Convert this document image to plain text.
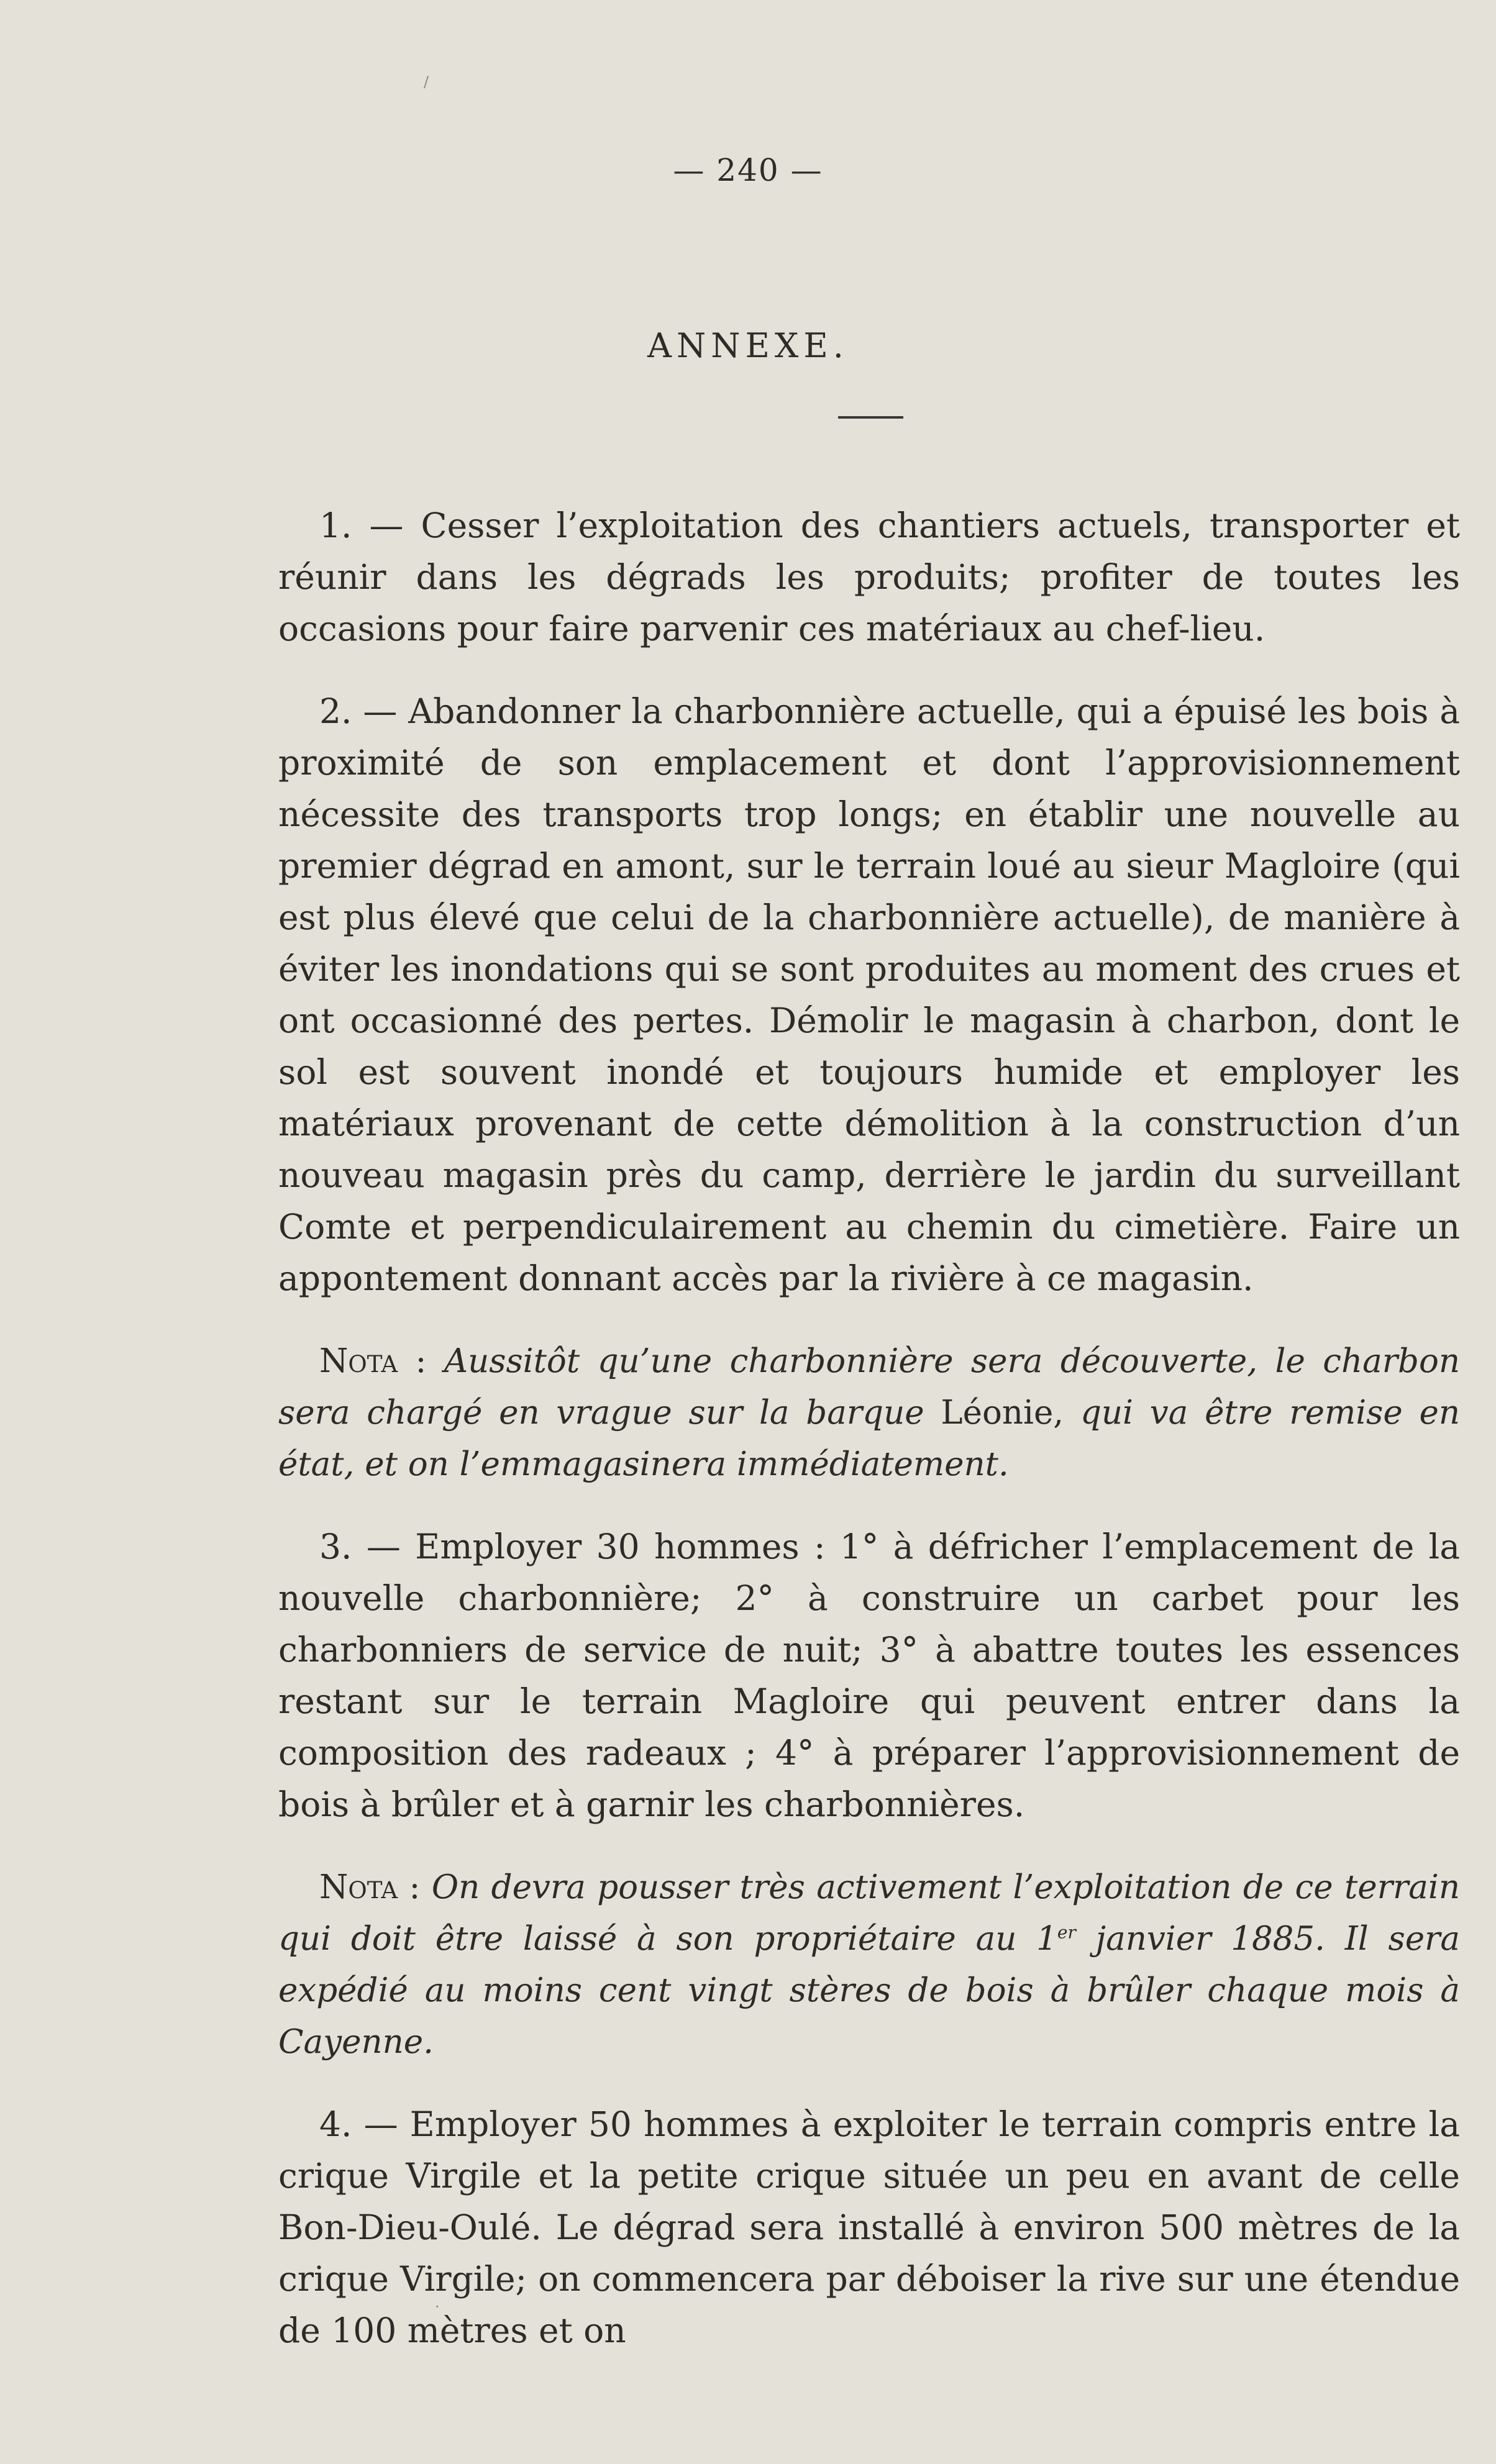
— 240 —
ANNEXE.

1. — Cesser l’exploitation des chantiers actuels, transporter et réunir dans les dégrads les produits; profiter de toutes les occasions pour faire parvenir ces matériaux au chef-lieu.

2. — Abandonner la charbonnière actuelle, qui a épuisé les bois à proximité de son emplacement et dont l’approvisionnement nécessite des transports trop longs; en établir une nouvelle au premier dégrad en amont, sur le terrain loué au sieur Magloire (qui est plus élevé que celui de la charbonnière actuelle), de manière à éviter les inondations qui se sont produites au moment des crues et ont occasionné des pertes. Démolir le magasin à charbon, dont le sol est souvent inondé et toujours humide et employer les matériaux provenant de cette démolition à la construction d’un nouveau magasin près du camp, derrière le jardin du surveillant Comte et perpendiculairement au chemin du cimetière. Faire un appontement donnant accès par la rivière à ce magasin.

Nota : Aussitôt qu’une charbonnière sera découverte, le charbon sera chargé en vrague sur la barque Léonie, qui va être remise en état, et on l’emmagasinera immédiatement.

3. — Employer 30 hommes : 1° à défricher l’emplacement de la nouvelle charbonnière; 2° à construire un carbet pour les charbonniers de service de nuit; 3° à abattre toutes les essences restant sur le terrain Magloire qui peuvent entrer dans la composition des radeaux ; 4° à préparer l’approvisionnement de bois à brûler et à garnir les charbonnières.

Nota : On devra pousser très activement l’exploitation de ce terrain qui doit être laissé à son propriétaire au 1er janvier 1885. Il sera expédié au moins cent vingt stères de bois à brûler chaque mois à Cayenne.

4. — Employer 50 hommes à exploiter le terrain compris entre la crique Virgile et la petite crique située un peu en avant de celle Bon-Dieu-Oulé. Le dégrad sera installé à environ 500 mètres de la crique Virgile; on commencera par déboiser la rive sur une étendue de 100 mètres et on

/
·
